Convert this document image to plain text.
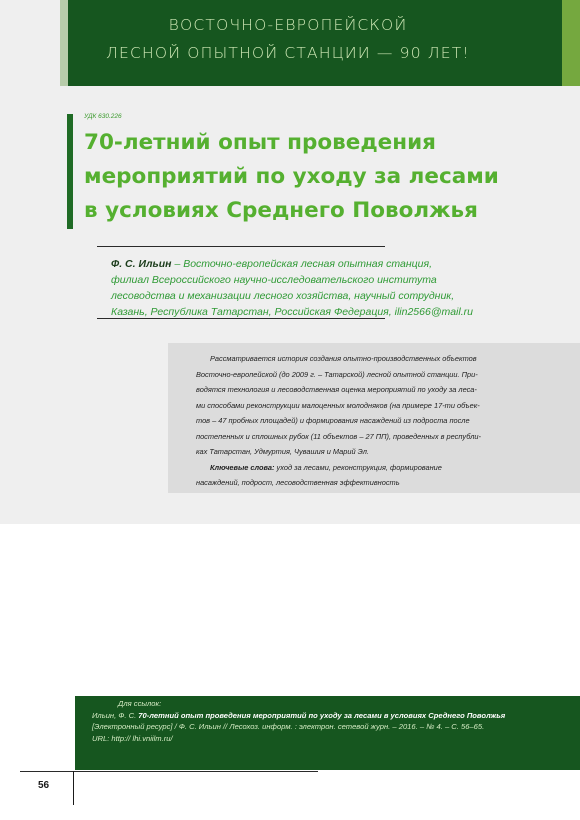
ВОСТОЧНО-ЕВРОПЕЙСКОЙ
ЛЕСНОЙ ОПЫТНОЙ СТАНЦИИ — 90 ЛЕТ!
УДК 630.226
70-летний опыт проведения
мероприятий по уходу за лесами
в условиях Среднего Поволжья
Ф. С. Ильин – Восточно-европейская лесная опытная станция,
филиал Всероссийского научно-исследовательского института
лесоводства и механизации лесного хозяйства, научный сотрудник,
Казань, Республика Татарстан, Российская Федерация, ilin2566@mail.ru
Рассматривается история создания опытно-производственных объектов
Восточно-европейской (до 2009 г. – Татарской) лесной опытной станции. При-
водятся технология и лесоводственная оценка мероприятий по уходу за леса-
ми способами реконструкции малоценных молодняков (на примере 17-ти объек-
тов – 47 пробных площадей) и формирования насаждений из подроста после
постепенных и сплошных рубок (11 объектов – 27 ПП), проведенных в республи-
ках Татарстан, Удмуртия, Чувашия и Марий Эл.
Ключевые слова: уход за лесами, реконструкция, формирование
насаждений, подрост, лесоводственная эффективность
Для ссылок:
Ильин, Ф. С. 70-летний опыт проведения мероприятий по уходу за лесами в условиях Среднего Поволжья
[Электронный ресурс] / Ф. С. Ильин // Лесохоз. информ. : электрон. сетевой журн. – 2016. – № 4. – С. 56–65.
URL: http:// lhi.vniilm.ru/
56
